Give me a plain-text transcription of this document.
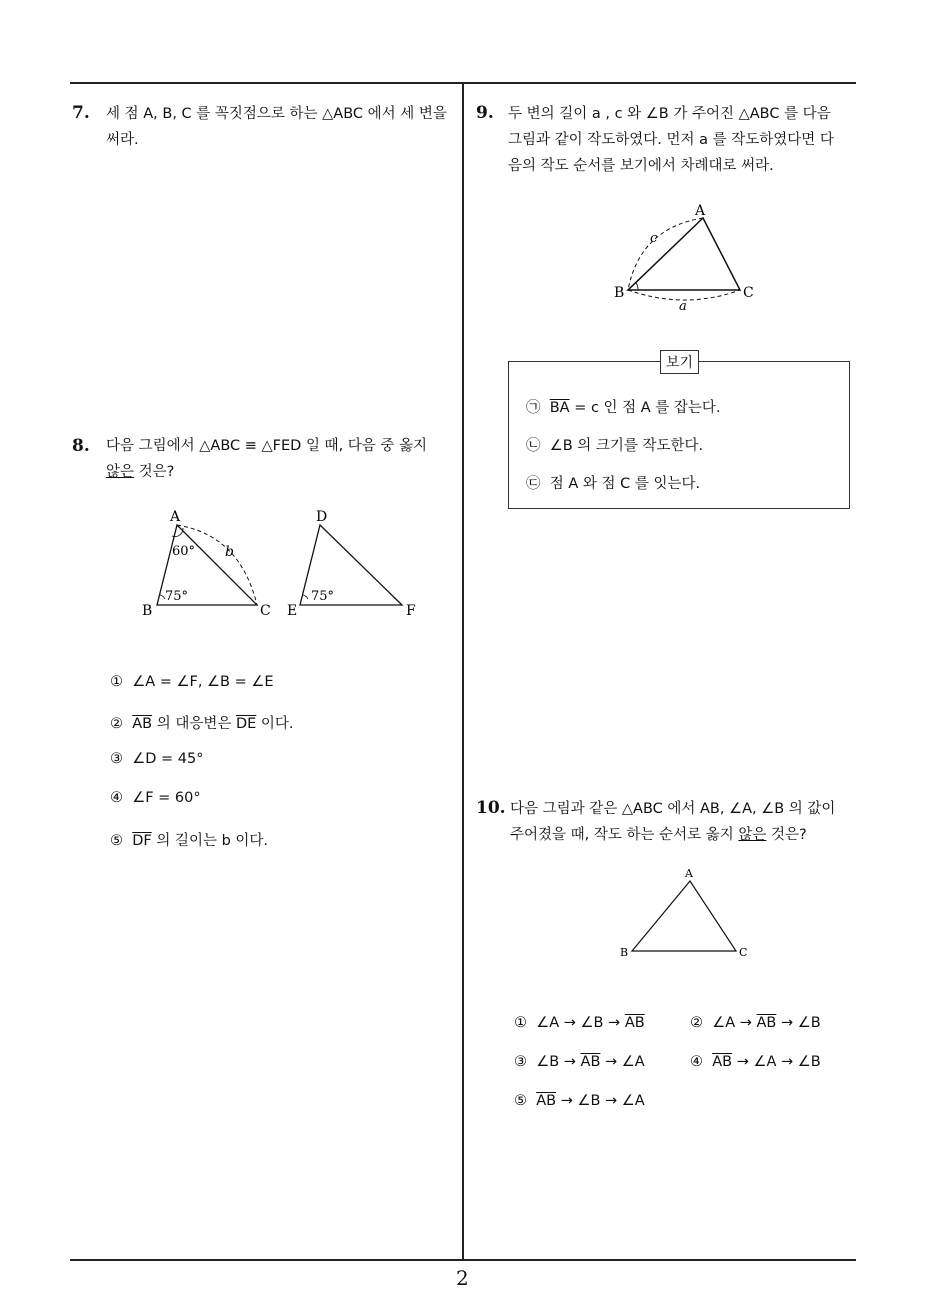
7. 세 점 A, B, C 를 꼭짓점으로 하는 △ABC 에서 세 변을
써라.
8. 다음 그림에서 △ABC ≡ △FED 일 때, 다음 중 옳지
않은 것은?
A
B	C
60°
75°
b
D
E	F
75°
① ∠A = ∠F, ∠B = ∠E
② $\overline{AB}$ 의 대응변은 $\overline{DE}$ 이다.
③ ∠D = 45°
④ ∠F = 60°
⑤ $\overline{DF}$ 의 길이는 b 이다.
9. 두 변의 길이 a , c 와 ∠B 가 주어진 △ABC 를 다음
그림과 같이 작도하였다. 먼저 a 를 작도하였다면 다
음의 작도 순서를 보기에서 차례대로 써라.
A
B	C
c
a
보기
㉠ $\overline{BA} = c$ 인 점 A 를 잡는다.
㉡ ∠B 의 크기를 작도한다.
㉢ 점 A 와 점 C 를 잇는다.
10. 다음 그림과 같은 △ABC 에서 AB, ∠A, ∠B 의 값이
주어졌을 때, 작도 하는 순서로 옳지 않은 것은?
A
B	C
① ∠A → ∠B → $\overline{AB}$	② ∠A → $\overline{AB}$ → ∠B
③ ∠B → $\overline{AB}$ → ∠A	④ $\overline{AB}$ → ∠A → ∠B
⑤ $\overline{AB}$ → ∠B → ∠A
2
